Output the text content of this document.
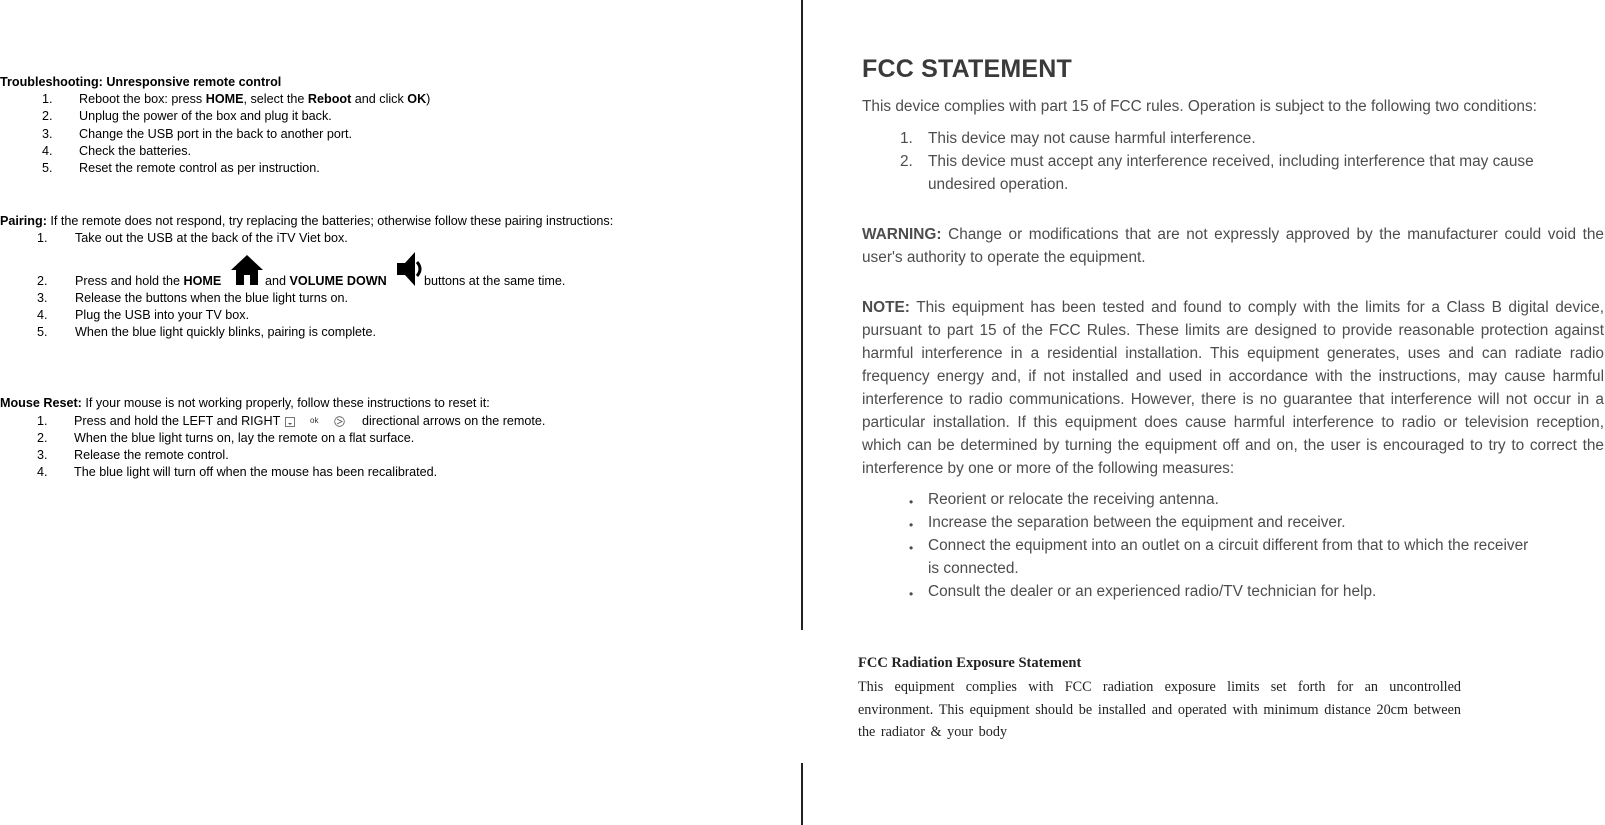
Troubleshooting: Unresponsive remote control
1. Reboot the box: press HOME, select the Reboot and click OK)
2. Unplug the power of the box and plug it back.
3. Change the USB port in the back to another port.
4. Check the batteries.
5. Reset the remote control as per instruction.
Pairing: If the remote does not respond, try replacing the batteries; otherwise follow these pairing instructions:
1. Take out the USB at the back of the iTV Viet box.
2. Press and hold the HOME	and VOLUME DOWN	buttons at the same time.
3. Release the buttons when the blue light turns on.
4. Plug the USB into your TV box.
5. When the blue light quickly blinks, pairing is complete.
Mouse Reset: If your mouse is not working properly, follow these instructions to reset it:
1. Press and hold the LEFT and RIGHT	ok	directional arrows on the remote.
2. When the blue light turns on, lay the remote on a flat surface.
3. Release the remote control.
4. The blue light will turn off when the mouse has been recalibrated.
FCC STATEMENT
This device complies with part 15 of FCC rules. Operation is subject to the following two conditions:
1. This device may not cause harmful interference.
2. This device must accept any interference received, including interference that may cause
undesired operation.
WARNING: Change or modifications that are not expressly approved by the manufacturer could void the user's authority to operate the equipment.
NOTE: This equipment has been tested and found to comply with the limits for a Class B digital device, pursuant to part 15 of the FCC Rules. These limits are designed to provide reasonable protection against harmful interference in a residential installation. This equipment generates, uses and can radiate radio frequency energy and, if not installed and used in accordance with the instructions, may cause harmful interference to radio communications. However, there is no guarantee that interference will not occur in a particular installation. If this equipment does cause harmful interference to radio or television reception, which can be determined by turning the equipment off and on, the user is encouraged to try to correct the interference by one or more of the following measures:
• Reorient or relocate the receiving antenna.
• Increase the separation between the equipment and receiver.
• Connect the equipment into an outlet on a circuit different from that to which the receiver
is connected.
• Consult the dealer or an experienced radio/TV technician for help.
FCC Radiation Exposure Statement
This equipment complies with FCC radiation exposure limits set forth for an uncontrolled environment. This equipment should be installed and operated with minimum distance 20cm between the radiator & your body
